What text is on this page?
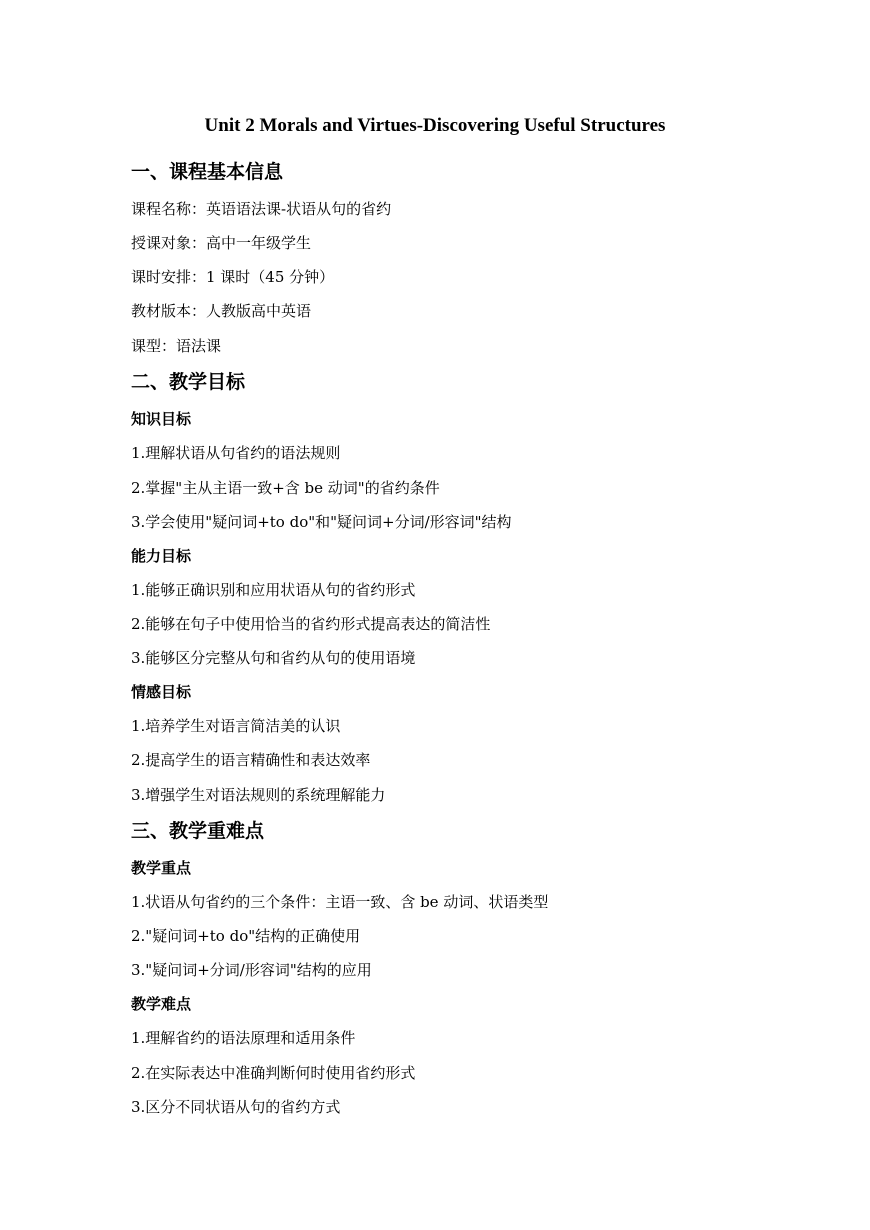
Unit 2 Morals and Virtues-Discovering Useful Structures
一、课程基本信息
课程名称：英语语法课-状语从句的省约
授课对象：高中一年级学生
课时安排：1 课时（45 分钟）
教材版本：人教版高中英语
课型：语法课
二、教学目标
知识目标
1.理解状语从句省约的语法规则
2.掌握"主从主语一致+含 be 动词"的省约条件
3.学会使用"疑问词+to do"和"疑问词+分词/形容词"结构
能力目标
1.能够正确识别和应用状语从句的省约形式
2.能够在句子中使用恰当的省约形式提高表达的简洁性
3.能够区分完整从句和省约从句的使用语境
情感目标
1.培养学生对语言简洁美的认识
2.提高学生的语言精确性和表达效率
3.增强学生对语法规则的系统理解能力
三、教学重难点
教学重点
1.状语从句省约的三个条件：主语一致、含 be 动词、状语类型
2."疑问词+to do"结构的正确使用
3."疑问词+分词/形容词"结构的应用
教学难点
1.理解省约的语法原理和适用条件
2.在实际表达中准确判断何时使用省约形式
3.区分不同状语从句的省约方式
